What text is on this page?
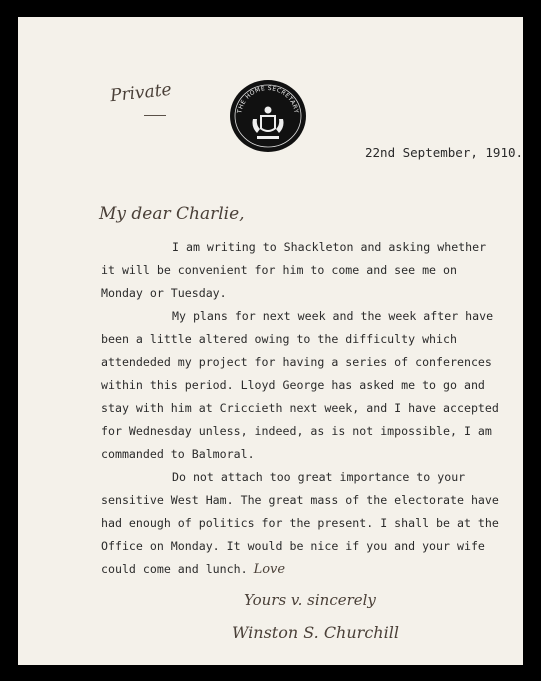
Private
THE HOME SECRETARY
22nd September, 1910.
My dear Charlie,
I am writing to Shackleton and asking whether
it will be convenient for him to come and see me on
Monday or Tuesday.
My plans for next week and the week after have
been a little altered owing to the difficulty which
attendeded my project for having a series of conferences
within this period. Lloyd George has asked me to go and
stay with him at Criccieth next week, and I have accepted
for Wednesday unless, indeed, as is not impossible, I am
commanded to Balmoral.
Do not attach too great importance to your
sensitive West Ham. The great mass of the electorate have
had enough of politics for the present. I shall be at the
Office on Monday. It would be nice if you and your wife
could come and lunch. Love
Yours v. sincerely
Winston S. Churchill
